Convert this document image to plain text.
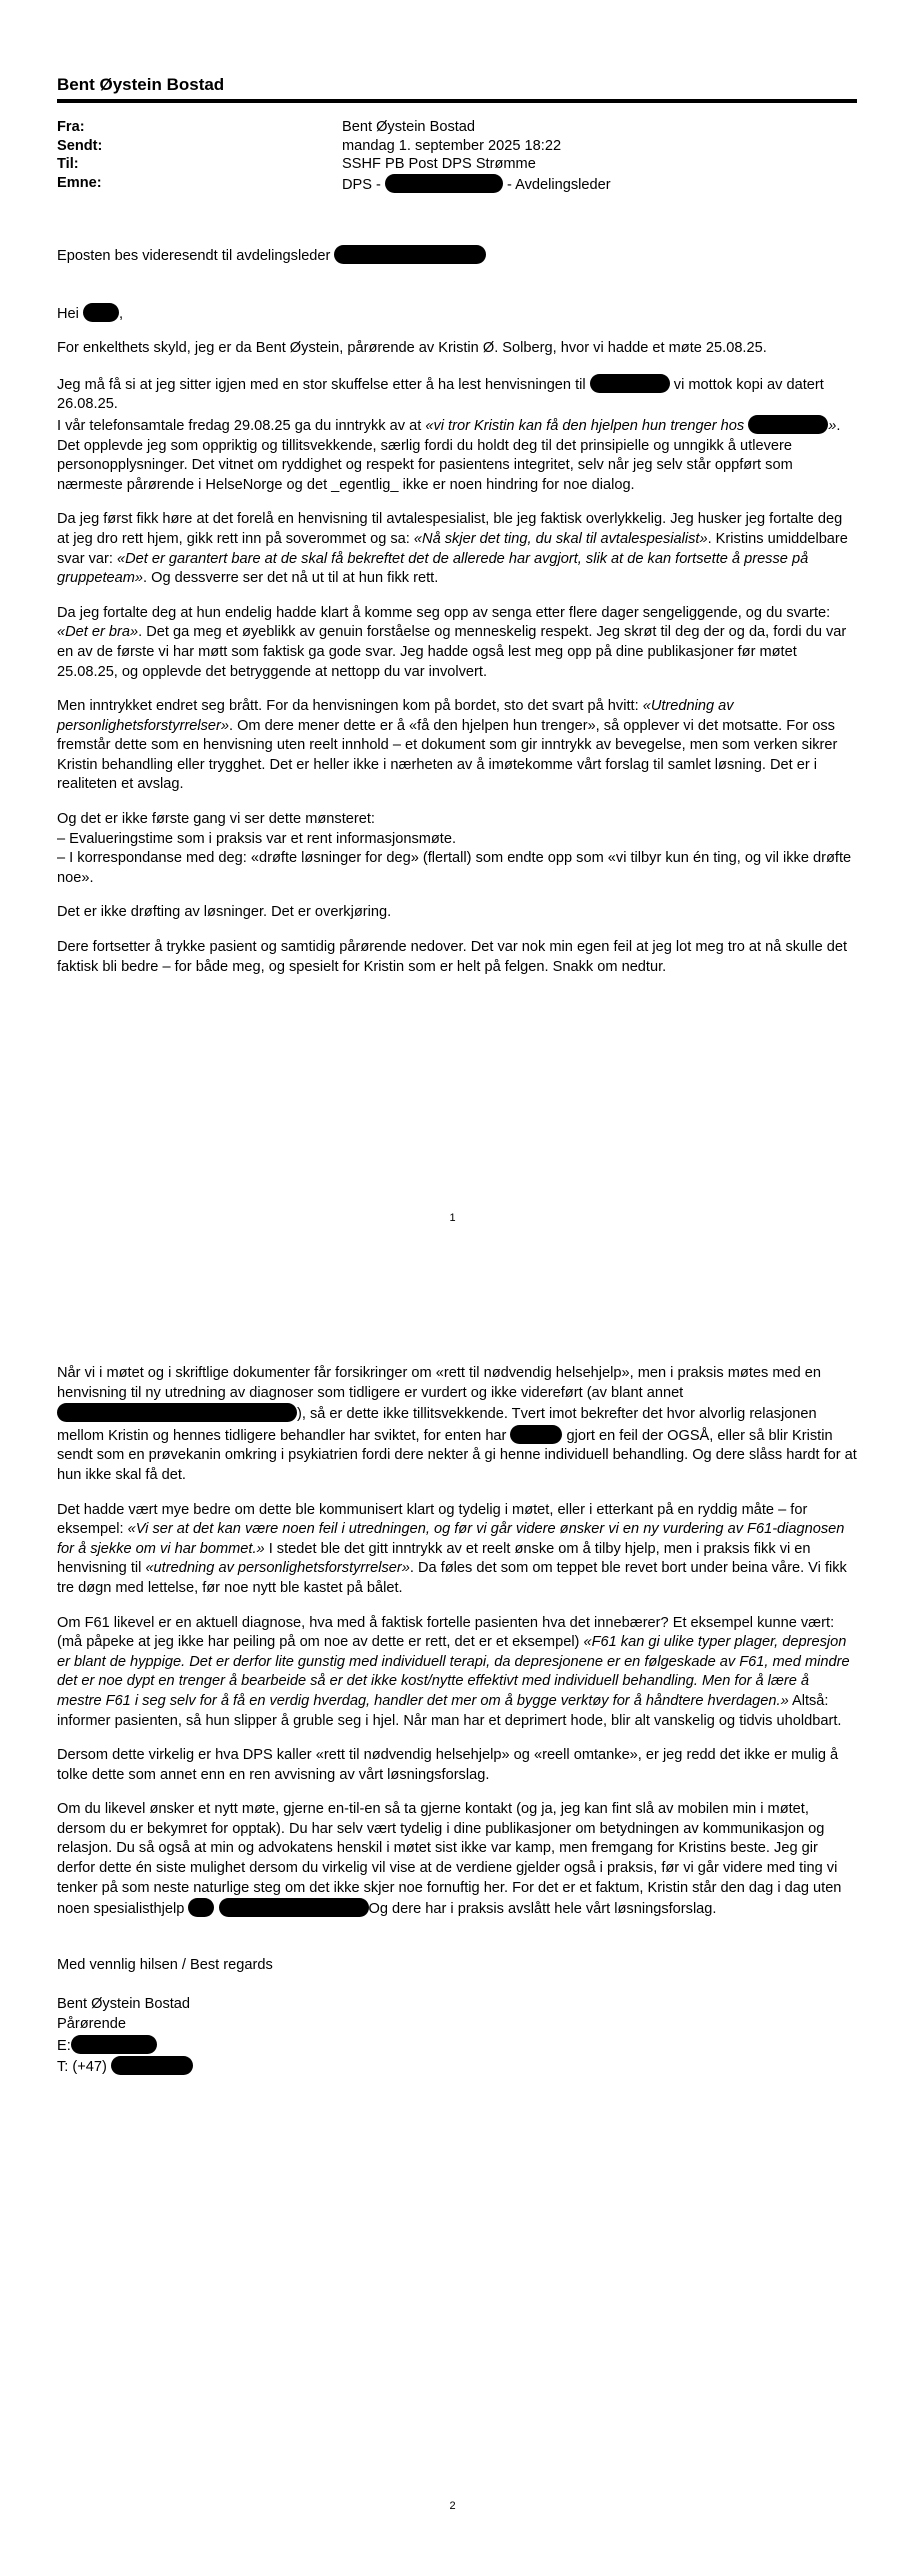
Bent Øystein Bostad
Fra:	Bent Øystein Bostad
Sendt:	mandag 1. september 2025 18:22
Til:	SSHF PB Post DPS Strømme
Emne:	DPS -	- Avdelingsleder

Eposten bes videresendt til avdelingsleder

Hei	,

For enkelthets skyld, jeg er da Bent Øystein, pårørende av Kristin Ø. Solberg, hvor vi hadde et møte 25.08.25.

Jeg må få si at jeg sitter igjen med en stor skuffelse etter å ha lest henvisningen til	vi mottok kopi av datert 26.08.25.
I vår telefonsamtale fredag 29.08.25 ga du inntrykk av at «vi tror Kristin kan få den hjelpen hun trenger hos	». Det opplevde jeg som oppriktig og tillitsvekkende, særlig fordi du holdt deg til det prinsipielle og unngikk å utlevere personopplysninger. Det vitnet om ryddighet og respekt for pasientens integritet, selv når jeg selv står oppført som nærmeste pårørende i HelseNorge og det _egentlig_ ikke er noen hindring for noe dialog.

Da jeg først fikk høre at det forelå en henvisning til avtalespesialist, ble jeg faktisk overlykkelig. Jeg husker jeg fortalte deg at jeg dro rett hjem, gikk rett inn på soverommet og sa: «Nå skjer det ting, du skal til avtalespesialist». Kristins umiddelbare svar var: «Det er garantert bare at de skal få bekreftet det de allerede har avgjort, slik at de kan fortsette å presse på gruppeteam». Og dessverre ser det nå ut til at hun fikk rett.

Da jeg fortalte deg at hun endelig hadde klart å komme seg opp av senga etter flere dager sengeliggende, og du svarte: «Det er bra». Det ga meg et øyeblikk av genuin forståelse og menneskelig respekt. Jeg skrøt til deg der og da, fordi du var en av de første vi har møtt som faktisk ga gode svar. Jeg hadde også lest meg opp på dine publikasjoner før møtet 25.08.25, og opplevde det betryggende at nettopp du var involvert.

Men inntrykket endret seg brått. For da henvisningen kom på bordet, sto det svart på hvitt: «Utredning av personlighetsforstyrrelser». Om dere mener dette er å «få den hjelpen hun trenger», så opplever vi det motsatte. For oss fremstår dette som en henvisning uten reelt innhold – et dokument som gir inntrykk av bevegelse, men som verken sikrer Kristin behandling eller trygghet. Det er heller ikke i nærheten av å imøtekomme vårt forslag til samlet løsning. Det er i realiteten et avslag.

Og det er ikke første gang vi ser dette mønsteret:
– Evalueringstime som i praksis var et rent informasjonsmøte.
– I korrespondanse med deg: «drøfte løsninger for deg» (flertall) som endte opp som «vi tilbyr kun én ting, og vil ikke drøfte noe».

Det er ikke drøfting av løsninger. Det er overkjøring.

Dere fortsetter å trykke pasient og samtidig pårørende nedover. Det var nok min egen feil at jeg lot meg tro at nå skulle det faktisk bli bedre – for både meg, og spesielt for Kristin som er helt på felgen. Snakk om nedtur.

1

Når vi i møtet og i skriftlige dokumenter får forsikringer om «rett til nødvendig helsehjelp», men i praksis møtes med en henvisning til ny utredning av diagnoser som tidligere er vurdert og ikke videreført (av blant annet ), så er dette ikke tillitsvekkende. Tvert imot bekrefter det hvor alvorlig relasjonen mellom Kristin og hennes tidligere behandler har sviktet, for enten har	gjort en feil der OGSÅ, eller så blir Kristin sendt som en prøvekanin omkring i psykiatrien fordi dere nekter å gi henne individuell behandling. Og dere slåss hardt for at hun ikke skal få det.

Det hadde vært mye bedre om dette ble kommunisert klart og tydelig i møtet, eller i etterkant på en ryddig måte – for eksempel: «Vi ser at det kan være noen feil i utredningen, og før vi går videre ønsker vi en ny vurdering av F61-diagnosen for å sjekke om vi har bommet.» I stedet ble det gitt inntrykk av et reelt ønske om å tilby hjelp, men i praksis fikk vi en henvisning til «utredning av personlighetsforstyrrelser». Da føles det som om teppet ble revet bort under beina våre. Vi fikk tre døgn med lettelse, før noe nytt ble kastet på bålet.

Om F61 likevel er en aktuell diagnose, hva med å faktisk fortelle pasienten hva det innebærer? Et eksempel kunne vært: (må påpeke at jeg ikke har peiling på om noe av dette er rett, det er et eksempel) «F61 kan gi ulike typer plager, depresjon er blant de hyppige. Det er derfor lite gunstig med individuell terapi, da depresjonene er en følgeskade av F61, med mindre det er noe dypt en trenger å bearbeide så er det ikke kost/nytte effektivt med individuell behandling. Men for å lære å mestre F61 i seg selv for å få en verdig hverdag, handler det mer om å bygge verktøy for å håndtere hverdagen.» Altså: informer pasienten, så hun slipper å gruble seg i hjel. Når man har et deprimert hode, blir alt vanskelig og tidvis uholdbart.

Dersom dette virkelig er hva DPS kaller «rett til nødvendig helsehjelp» og «reell omtanke», er jeg redd det ikke er mulig å tolke dette som annet enn en ren avvisning av vårt løsningsforslag.

Om du likevel ønsker et nytt møte, gjerne en-til-en så ta gjerne kontakt (og ja, jeg kan fint slå av mobilen min i møtet, dersom du er bekymret for opptak). Du har selv vært tydelig i dine publikasjoner om betydningen av kommunikasjon og relasjon. Du så også at min og advokatens henskil i møtet sist ikke var kamp, men fremgang for Kristins beste. Jeg gir derfor dette én siste mulighet dersom du virkelig vil vise at de verdiene gjelder også i praksis, før vi går videre med ting vi tenker på som neste naturlige steg om det ikke skjer noe fornuftig her. For det er et faktum, Kristin står den dag i dag uten noen spesialisthjelp	Og dere har i praksis avslått hele vårt løsningsforslag.

Med vennlig hilsen / Best regards

Bent Øystein Bostad
Pårørende
E:
T: (+47)
2
